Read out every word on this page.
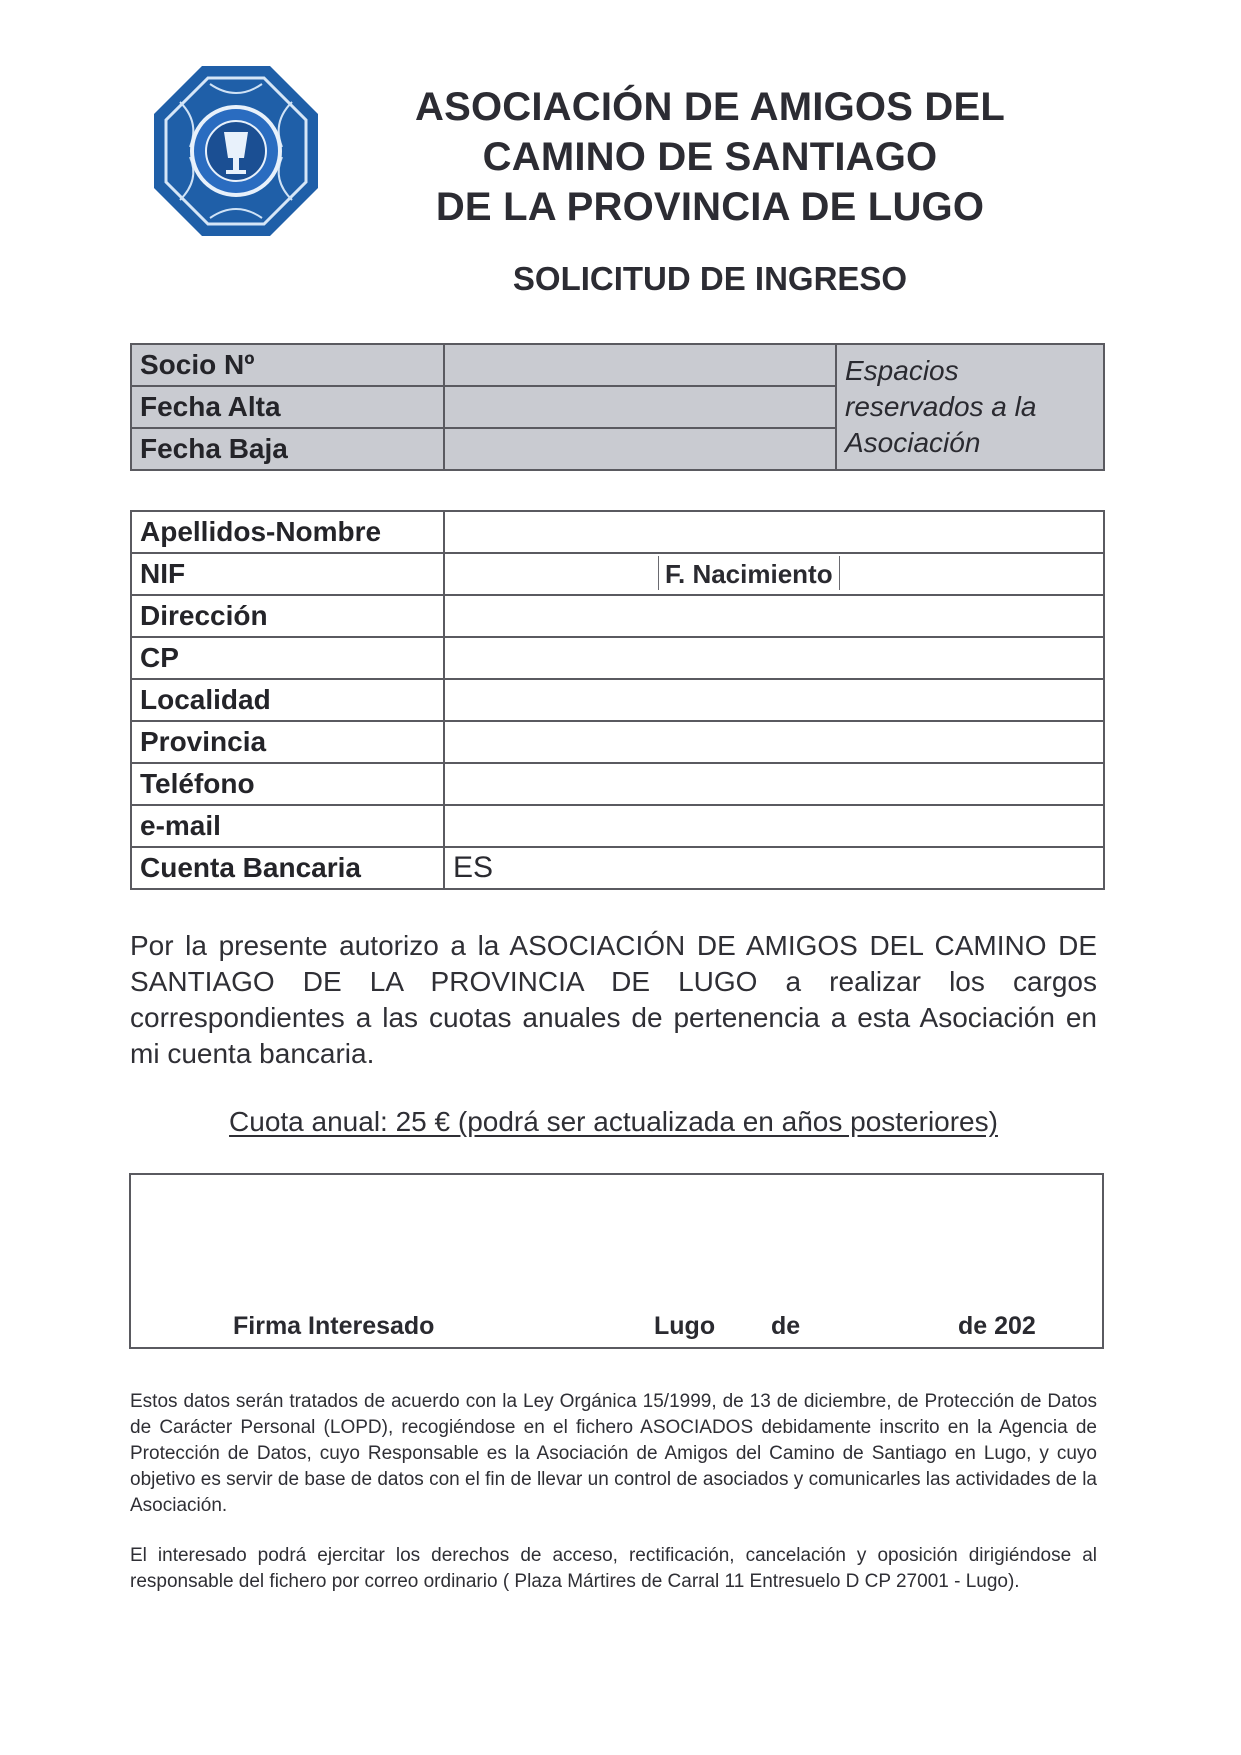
ASOCIACIÓN DE AMIGOS DEL
CAMINO DE SANTIAGO
DE LA PROVINCIA DE LUGO
SOLICITUD DE INGRESO
Socio Nº		Espacios reservados a la Asociación
Fecha Alta		
Fecha Baja		
Apellidos-Nombre	
NIF	F. Nacimiento

Dirección	
CP	
Localidad	
Provincia	
Teléfono	
e-mail	
Cuenta Bancaria	ES

Por la presente autorizo a la ASOCIACIÓN DE AMIGOS DEL CAMINO DE SANTIAGO DE LA PROVINCIA DE LUGO a realizar los cargos correspondientes a las cuotas anuales de pertenencia a esta Asociación en mi cuenta bancaria.

Cuota anual: 25 € (podrá ser actualizada en años posteriores)
Firma Interesado	Lugo de	de 202

Estos datos serán tratados de acuerdo con la Ley Orgánica 15/1999, de 13 de diciembre, de Protección de Datos de Carácter Personal (LOPD), recogiéndose en el fichero ASOCIADOS debidamente inscrito en la Agencia de Protección de Datos, cuyo Responsable es la Asociación de Amigos del Camino de Santiago en Lugo, y cuyo objetivo es servir de base de datos con el fin de llevar un control de asociados y comunicarles las actividades de la Asociación.

El interesado podrá ejercitar los derechos de acceso, rectificación, cancelación y oposición dirigiéndose al responsable del fichero por correo ordinario ( Plaza Mártires de Carral 11 Entresuelo D CP 27001 - Lugo).
